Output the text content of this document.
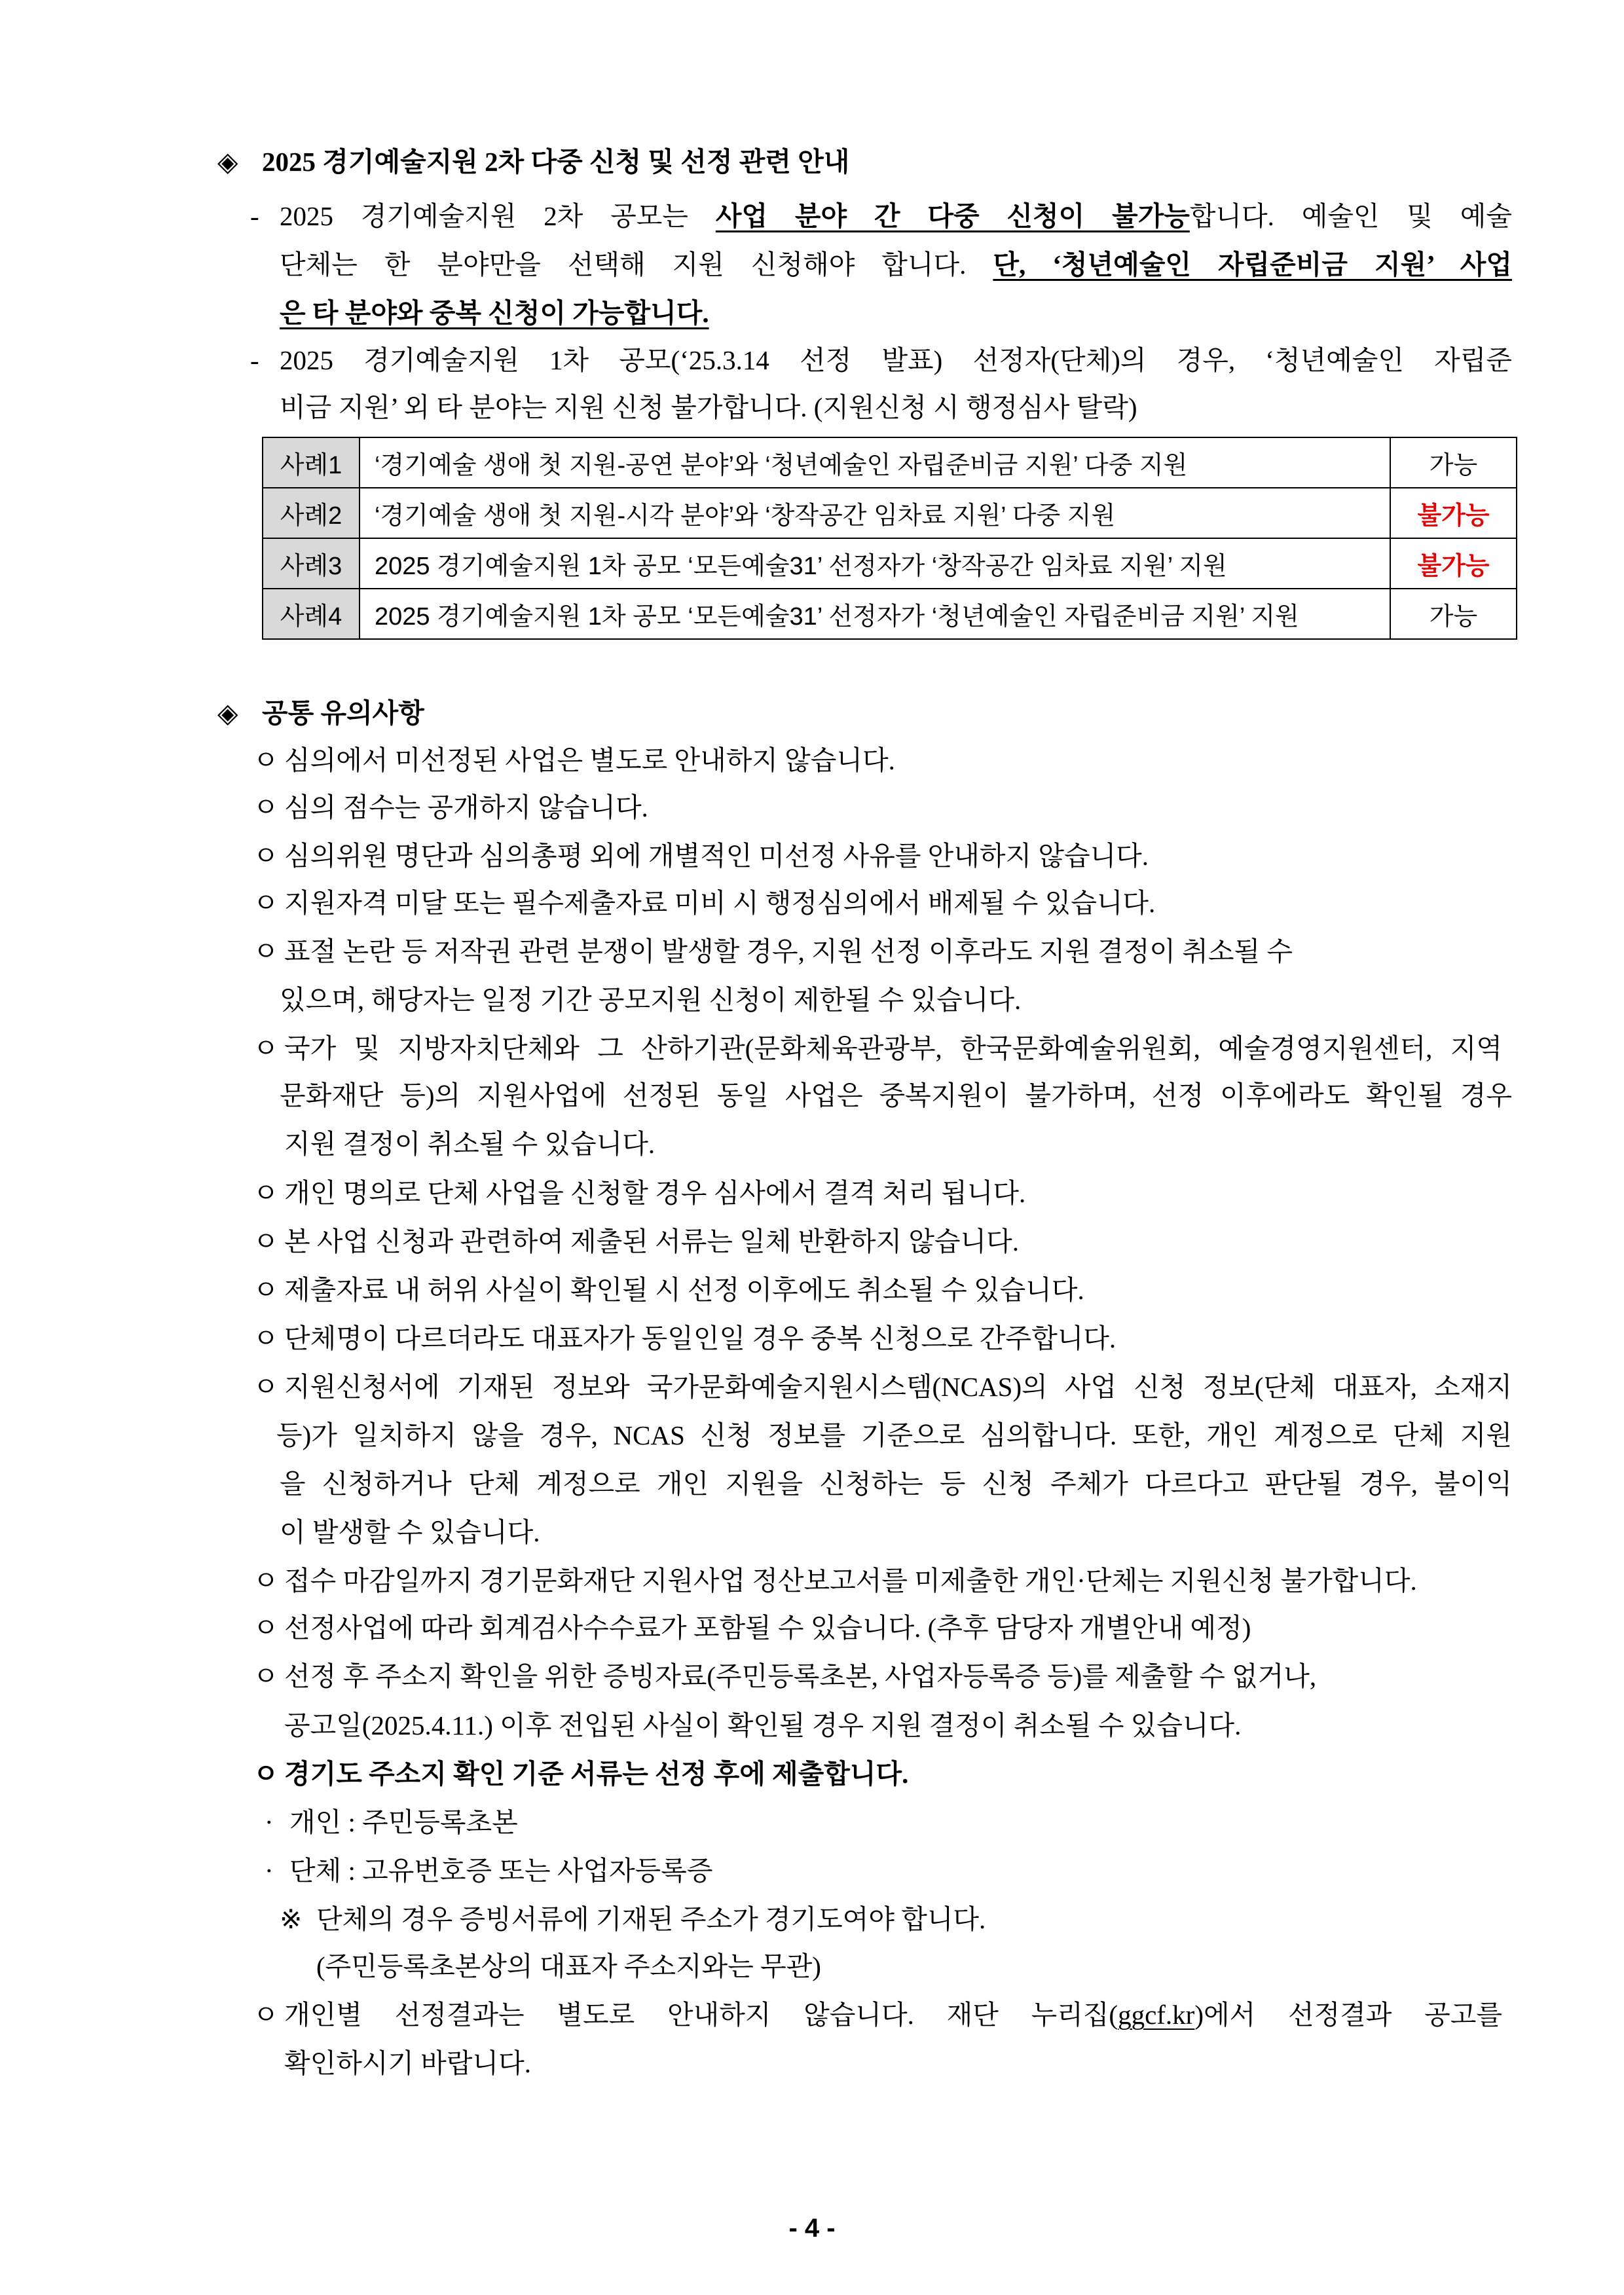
◈ 2025 경기예술지원 2차 다중 신청 및 선정 관련 안내
- 2025 경기예술지원 2차 공모는 사업 분야 간 다중 신청이 불가능합니다. 예술인 및 예술
단체는 한 분야만을 선택해 지원 신청해야 합니다. 단, ‘청년예술인 자립준비금 지원’ 사업
은 타 분야와 중복 신청이 가능합니다.
- 2025 경기예술지원 1차 공모(‘25.3.14 선정 발표) 선정자(단체)의 경우, ‘청년예술인 자립준
비금 지원’ 외 타 분야는 지원 신청 불가합니다. (지원신청 시 행정심사 탈락)
사례1	‘경기예술 생애 첫 지원-공연 분야’와 ‘청년예술인 자립준비금 지원’ 다중 지원	가능
사례2	‘경기예술 생애 첫 지원-시각 분야’와 ‘창작공간 임차료 지원’ 다중 지원	불가능
사례3	2025 경기예술지원 1차 공모 ‘모든예술31’ 선정자가 ‘창작공간 임차료 지원’ 지원	불가능
사례4	2025 경기예술지원 1차 공모 ‘모든예술31’ 선정자가 ‘청년예술인 자립준비금 지원’ 지원	가능
◈ 공통 유의사항
ㅇ 심의에서 미선정된 사업은 별도로 안내하지 않습니다.
ㅇ 심의 점수는 공개하지 않습니다.
ㅇ 심의위원 명단과 심의총평 외에 개별적인 미선정 사유를 안내하지 않습니다.
ㅇ 지원자격 미달 또는 필수제출자료 미비 시 행정심의에서 배제될 수 있습니다.
ㅇ 표절 논란 등 저작권 관련 분쟁이 발생할 경우, 지원 선정 이후라도 지원 결정이 취소될 수
있으며, 해당자는 일정 기간 공모지원 신청이 제한될 수 있습니다.
ㅇ 국가 및 지방자치단체와 그 산하기관(문화체육관광부, 한국문화예술위원회, 예술경영지원센터, 지역
문화재단 등)의 지원사업에 선정된 동일 사업은 중복지원이 불가하며, 선정 이후에라도 확인될 경우
지원 결정이 취소될 수 있습니다.
ㅇ 개인 명의로 단체 사업을 신청할 경우 심사에서 결격 처리 됩니다.
ㅇ 본 사업 신청과 관련하여 제출된 서류는 일체 반환하지 않습니다.
ㅇ 제출자료 내 허위 사실이 확인될 시 선정 이후에도 취소될 수 있습니다.
ㅇ 단체명이 다르더라도 대표자가 동일인일 경우 중복 신청으로 간주합니다.
ㅇ 지원신청서에 기재된 정보와 국가문화예술지원시스템(NCAS)의 사업 신청 정보(단체 대표자, 소재지
등)가 일치하지 않을 경우, NCAS 신청 정보를 기준으로 심의합니다. 또한, 개인 계정으로 단체 지원
을 신청하거나 단체 계정으로 개인 지원을 신청하는 등 신청 주체가 다르다고 판단될 경우, 불이익
이 발생할 수 있습니다.
ㅇ 접수 마감일까지 경기문화재단 지원사업 정산보고서를 미제출한 개인·단체는 지원신청 불가합니다.
ㅇ 선정사업에 따라 회계검사수수료가 포함될 수 있습니다. (추후 담당자 개별안내 예정)
ㅇ 선정 후 주소지 확인을 위한 증빙자료(주민등록초본, 사업자등록증 등)를 제출할 수 없거나,
공고일(2025.4.11.) 이후 전입된 사실이 확인될 경우 지원 결정이 취소될 수 있습니다.
ㅇ 경기도 주소지 확인 기준 서류는 선정 후에 제출합니다.
· 개인 : 주민등록초본
· 단체 : 고유번호증 또는 사업자등록증
※ 단체의 경우 증빙서류에 기재된 주소가 경기도여야 합니다.
(주민등록초본상의 대표자 주소지와는 무관)
ㅇ 개인별 선정결과는 별도로 안내하지 않습니다. 재단 누리집(ggcf.kr)에서 선정결과 공고를
확인하시기 바랍니다.
- 4 -
